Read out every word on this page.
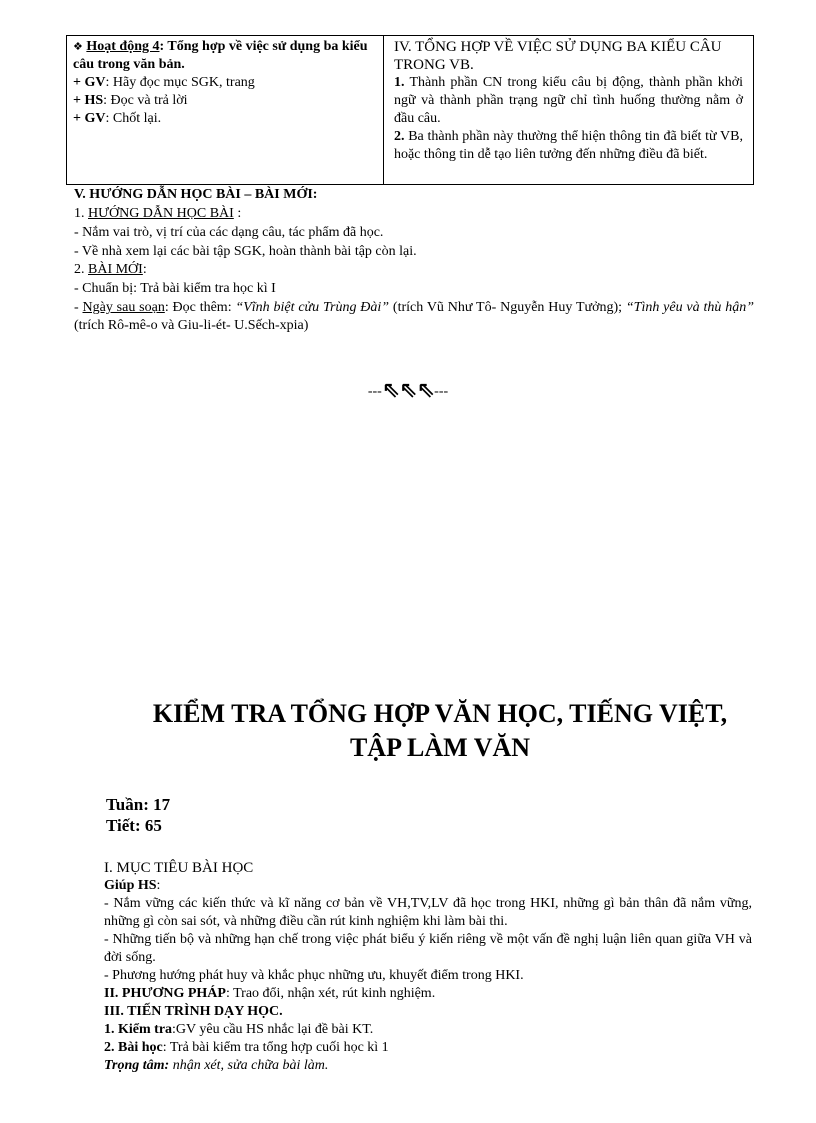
❖ Hoạt động 4: Tổng hợp về việc sử dụng ba kiểu câu trong văn bản.
+ GV: Hãy đọc mục SGK, trang
+ HS: Đọc và trả lời
+ GV: Chốt lại.

IV. TỔNG HỢP VỀ VIỆC SỬ DỤNG BA KIỂU CÂU TRONG VB.
1. Thành phần CN trong kiểu câu bị động, thành phần khởi ngữ và thành phần trạng ngữ chỉ tình huống thường nằm ở đầu câu.
2. Ba thành phần này thường thể hiện thông tin đã biết từ VB, hoặc thông tin dễ tạo liên tưởng đến những điều đã biết.
V. HƯỚNG DẪN HỌC BÀI – BÀI MỚI:
1. HƯỚNG DẪN HỌC BÀI :
- Nắm vai trò, vị trí của các dạng câu, tác phẩm đã học.
- Về nhà xem lại các bài tập SGK, hoàn thành bài tập còn lại.
2. BÀI MỚI:
- Chuẩn bị: Trả bài kiểm tra học kì I
- Ngày sau soạn: Đọc thêm: “Vĩnh biệt cửu Trùng Đài” (trích Vũ Như Tô- Nguyễn Huy Tưởng); “Tình yêu và thù hận” (trích Rô-mê-o và Giu-li-ét- U.Sếch-xpia)
---⇖⇖⇖---
KIỂM TRA TỔNG HỢP VĂN HỌC, TIẾNG VIỆT,
TẬP LÀM VĂN
Tuần: 17
Tiết: 65

I. MỤC TIÊU BÀI HỌC

Giúp HS:

- Nắm vững các kiến thức và kĩ năng cơ bản về VH,TV,LV đã học trong HKI, những gì bản thân đã nắm vững, những gì còn sai sót, và những điều cần rút kinh nghiệm khi làm bài thi.

- Những tiến bộ và những hạn chế trong việc phát biểu ý kiến riêng về một vấn đề nghị luận liên quan giữa VH và đời sống.

- Phương hướng phát huy và khắc phục những ưu, khuyết điểm trong HKI.

II. PHƯƠNG PHÁP: Trao đổi, nhận xét, rút kinh nghiệm.

III. TIẾN TRÌNH DẠY HỌC.

1. Kiểm tra:GV yêu cầu HS nhắc lại đề bài KT.

2. Bài học: Trả bài kiểm tra tổng hợp cuối học kì 1

Trọng tâm: nhận xét, sửa chữa bài làm.
